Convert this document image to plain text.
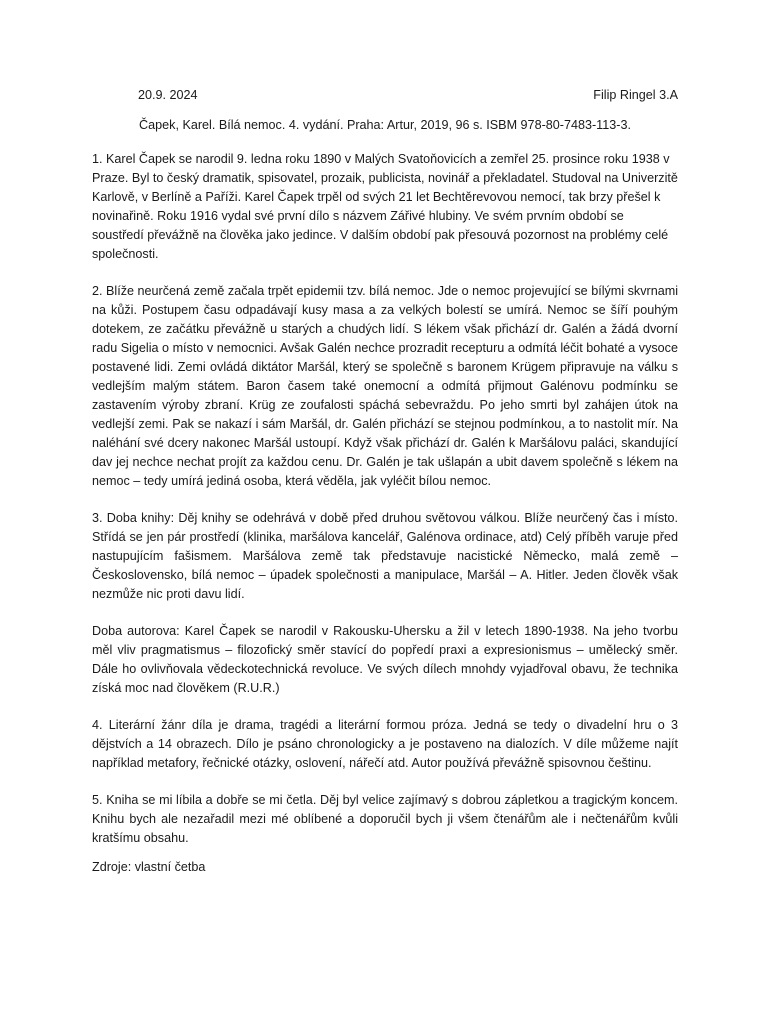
20.9. 2024	Filip Ringel 3.A
Čapek, Karel. Bílá nemoc. 4. vydání. Praha: Artur, 2019, 96 s. ISBM 978-80-7483-113-3.

1. Karel Čapek se narodil 9. ledna roku 1890 v Malých Svatoňovicích a zemřel 25. prosince roku 1938 v Praze. Byl to český dramatik, spisovatel, prozaik, publicista, novinář a překladatel. Studoval na Univerzitě Karlově, v Berlíně a Paříži. Karel Čapek trpěl od svých 21 let Bechtěrevovou nemocí, tak brzy přešel k novinařině. Roku 1916 vydal své první dílo s názvem Zářivé hlubiny. Ve svém prvním období se soustředí převážně na člověka jako jedince. V dalším období pak přesouvá pozornost na problémy celé společnosti.

2. Blíže neurčená země začala trpět epidemii tzv. bílá nemoc. Jde o nemoc projevující se bílými skvrnami na kůži. Postupem času odpadávají kusy masa a za velkých bolestí se umírá. Nemoc se šíří pouhým dotekem, ze začátku převážně u starých a chudých lidí. S lékem však přichází dr. Galén a žádá dvorní radu Sigelia o místo v nemocnici. Avšak Galén nechce prozradit recepturu a odmítá léčit bohaté a vysoce postavené lidi. Zemi ovládá diktátor Maršál, který se společně s baronem Krügem připravuje na válku s vedlejším malým státem. Baron časem také onemocní a odmítá přijmout Galénovu podmínku se zastavením výroby zbraní. Krüg ze zoufalosti spáchá sebevraždu. Po jeho smrti byl zahájen útok na vedlejší zemi. Pak se nakazí i sám Maršál, dr. Galén přichází se stejnou podmínkou, a to nastolit mír. Na naléhání své dcery nakonec Maršál ustoupí. Když však přichází dr. Galén k Maršálovu paláci, skandující dav jej nechce nechat projít za každou cenu. Dr. Galén je tak ušlapán a ubit davem společně s lékem na nemoc – tedy umírá jediná osoba, která věděla, jak vyléčit bílou nemoc.

3. Doba knihy: Děj knihy se odehrává v době před druhou světovou válkou. Blíže neurčený čas i místo. Střídá se jen pár prostředí (klinika, maršálova kancelář, Galénova ordinace, atd) Celý příběh varuje před nastupujícím fašismem. Maršálova země tak představuje nacistické Německo, malá země – Československo, bílá nemoc – úpadek společnosti a manipulace, Maršál – A. Hitler. Jeden člověk však nezmůže nic proti davu lidí.

Doba autorova: Karel Čapek se narodil v Rakousku-Uhersku a žil v letech 1890-1938. Na jeho tvorbu měl vliv pragmatismus – filozofický směr stavící do popředí praxi a expresionismus – umělecký směr. Dále ho ovlivňovala vědeckotechnická revoluce. Ve svých dílech mnohdy vyjadřoval obavu, že technika získá moc nad člověkem (R.U.R.)

4. Literární žánr díla je drama, tragédi a literární formou próza. Jedná se tedy o divadelní hru o 3 dějstvích a 14 obrazech. Dílo je psáno chronologicky a je postaveno na dialozích. V díle můžeme najít například metafory, řečnické otázky, oslovení, nářečí atd. Autor používá převážně spisovnou češtinu.

5. Kniha se mi líbila a dobře se mi četla. Děj byl velice zajímavý s dobrou zápletkou a tragickým koncem. Knihu bych ale nezařadil mezi mé oblíbené a doporučil bych ji všem čtenářům ale i nečtenářům kvůli kratšímu obsahu.

Zdroje: vlastní četba
